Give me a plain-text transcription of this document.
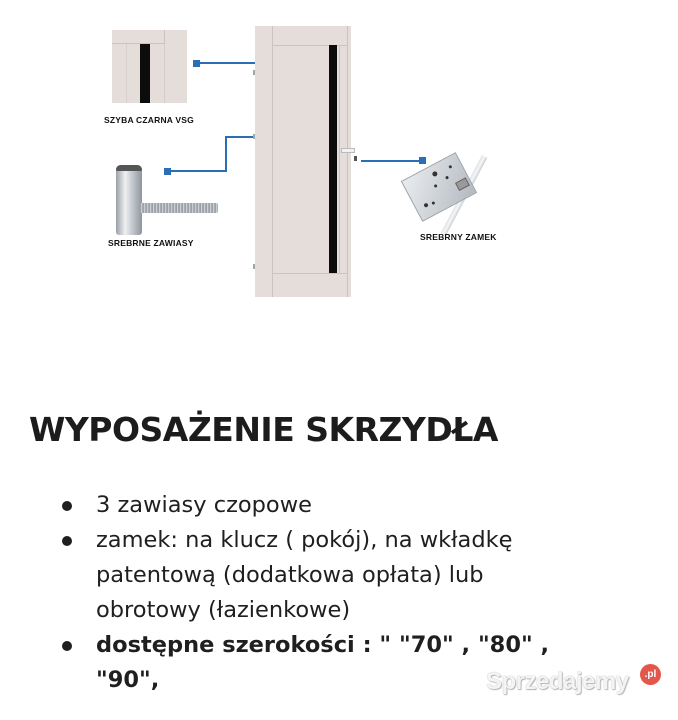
SZYBA CZARNA VSG
SREBRNE ZAWIASY
SREBRNY ZAMEK
WYPOSAŻENIE SKRZYDŁA
3 zawiasy czopowe
zamek: na klucz ( pokój), na wkładkę
patentową (dodatkowa opłata) lub
obrotowy (łazienkowe)
dostępne szerokości : " "70" , "80" ,
"90",	Sprzedajemy	.pl
